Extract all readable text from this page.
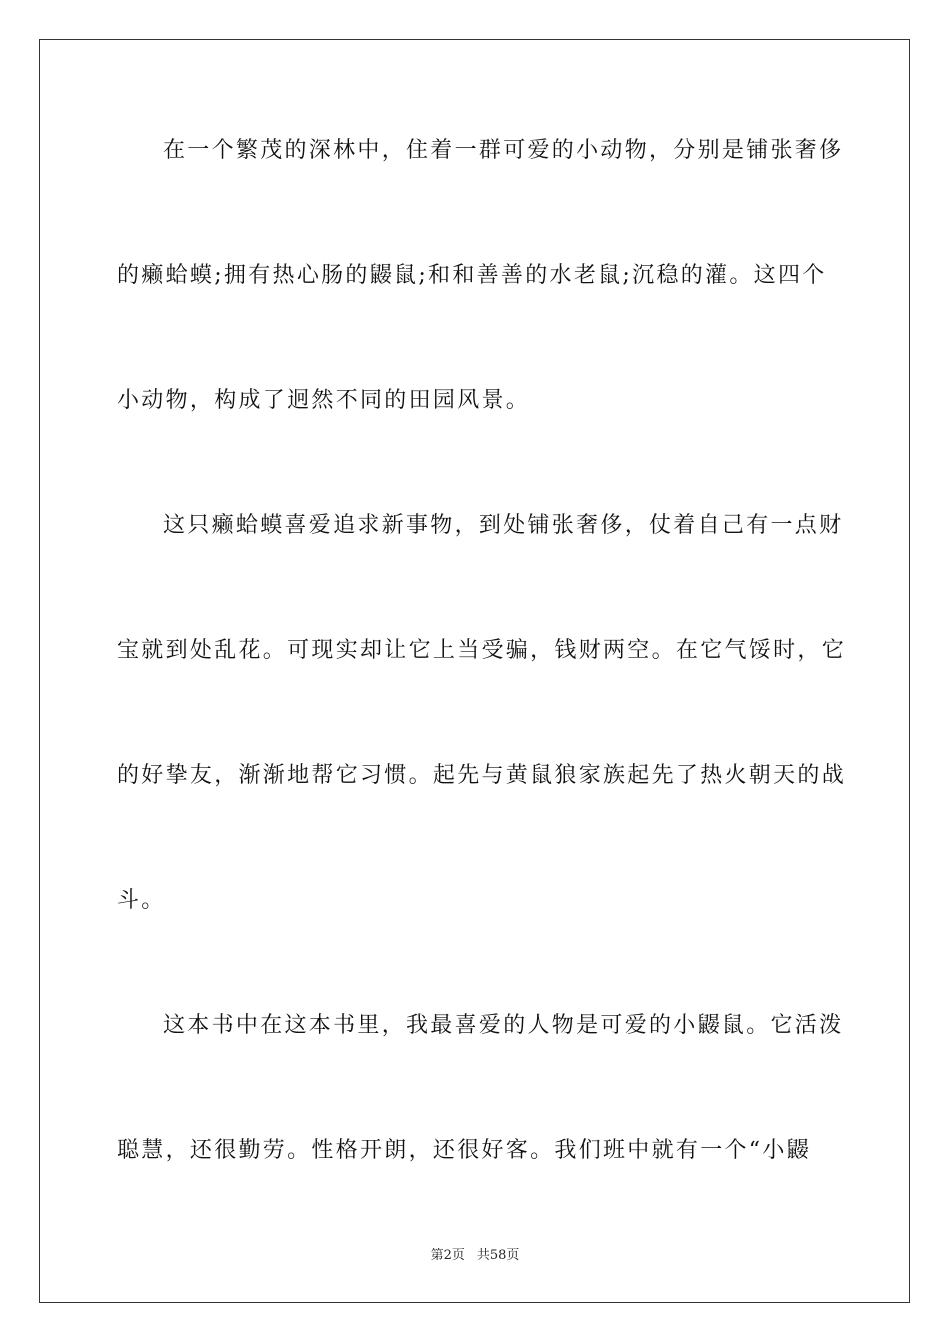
在一个繁茂的深林中，住着一群可爱的小动物，分别是铺张奢侈

的癞蛤蟆;拥有热心肠的鼹鼠;和和善善的水老鼠;沉稳的灌。这四个

小动物，构成了迥然不同的田园风景。

这只癞蛤蟆喜爱追求新事物，到处铺张奢侈，仗着自己有一点财

宝就到处乱花。可现实却让它上当受骗，钱财两空。在它气馁时，它

的好挚友，渐渐地帮它习惯。起先与黄鼠狼家族起先了热火朝天的战

斗。

这本书中在这本书里，我最喜爱的人物是可爱的小鼹鼠。它活泼

聪慧，还很勤劳。性格开朗，还很好客。我们班中就有一个“小鼹

第2页 共58页
